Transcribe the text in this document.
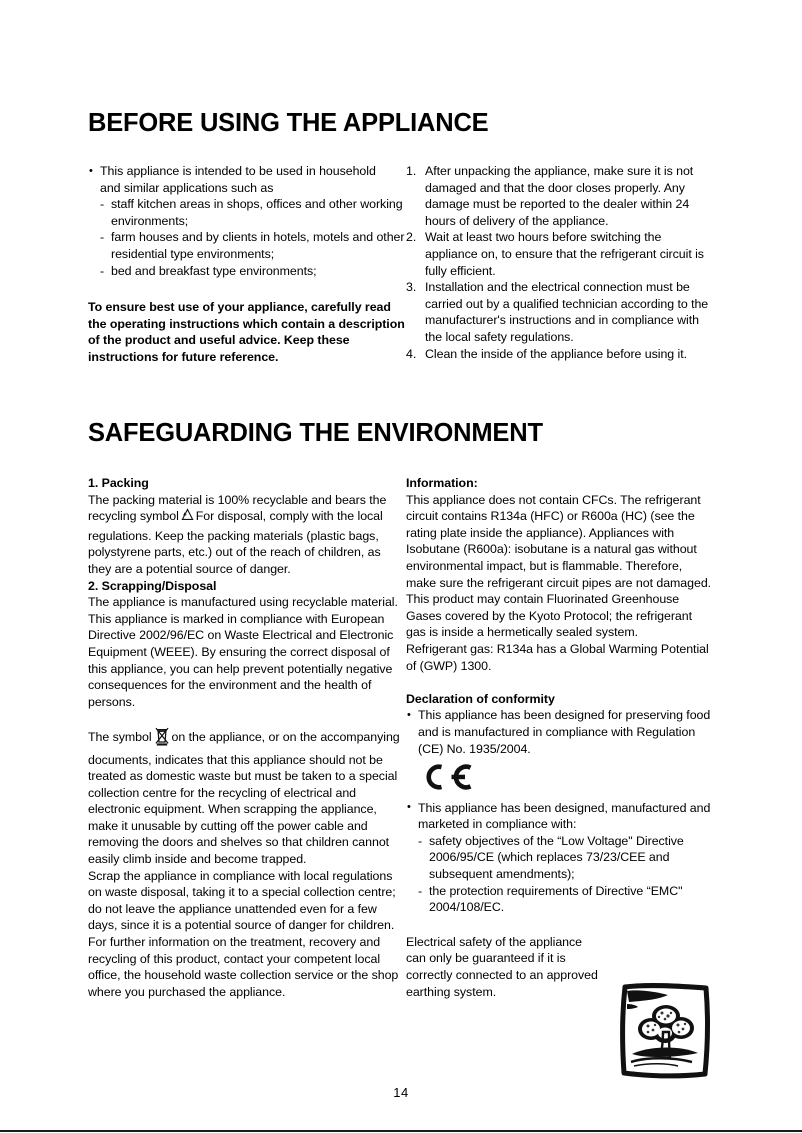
BEFORE USING THE APPLIANCE
• This appliance is intended to be used in household
and similar applications such as
- staff kitchen areas in shops, offices and other working environments;
- farm houses and by clients in hotels, motels and other residential type environments;
- bed and breakfast type environments;

To ensure best use of your appliance, carefully read the operating instructions which contain a description of the product and useful advice. Keep these instructions for future reference.

1. After unpacking the appliance, make sure it is not damaged and that the door closes properly. Any damage must be reported to the dealer within 24 hours of delivery of the appliance.
2. Wait at least two hours before switching the appliance on, to ensure that the refrigerant circuit is fully efficient.
3. Installation and the electrical connection must be carried out by a qualified technician according to the manufacturer's instructions and in compliance with the local safety regulations.
4. Clean the inside of the appliance before using it.
SAFEGUARDING THE ENVIRONMENT

1. Packing

The packing material is 100% recyclable and bears the recycling symbol For disposal, comply with the local regulations. Keep the packing materials (plastic bags, polystyrene parts, etc.) out of the reach of children, as they are a potential source of danger.

2. Scrapping/Disposal

The appliance is manufactured using recyclable material.

This appliance is marked in compliance with European Directive 2002/96/EC on Waste Electrical and Electronic Equipment (WEEE). By ensuring the correct disposal of this appliance, you can help prevent potentially negative consequences for the environment and the health of persons.

The symbol on the appliance, or on the accompanying documents, indicates that this appliance should not be treated as domestic waste but must be taken to a special collection centre for the recycling of electrical and electronic equipment. When scrapping the appliance, make it unusable by cutting off the power cable and removing the doors and shelves so that children cannot easily climb inside and become trapped.

Scrap the appliance in compliance with local regulations on waste disposal, taking it to a special collection centre; do not leave the appliance unattended even for a few days, since it is a potential source of danger for children.

For further information on the treatment, recovery and recycling of this product, contact your competent local office, the household waste collection service or the shop where you purchased the appliance.

Information:

This appliance does not contain CFCs. The refrigerant circuit contains R134a (HFC) or R600a (HC) (see the rating plate inside the appliance). Appliances with Isobutane (R600a): isobutane is a natural gas without environmental impact, but is flammable. Therefore, make sure the refrigerant circuit pipes are not damaged.

This product may contain Fluorinated Greenhouse Gases covered by the Kyoto Protocol; the refrigerant gas is inside a hermetically sealed system.

Refrigerant gas: R134a has a Global Warming Potential of (GWP) 1300.

Declaration of conformity

• This appliance has been designed for preserving food and is manufactured in compliance with Regulation (CE) No. 1935/2004.
• This appliance has been designed, manufactured and marketed in compliance with:
- safety objectives of the “Low Voltage" Directive 2006/95/CE (which replaces 73/23/CEE and subsequent amendments);
- the protection requirements of Directive “EMC" 2004/108/EC.

Electrical safety of the appliance can only be guaranteed if it is correctly connected to an approved earthing system.

14
